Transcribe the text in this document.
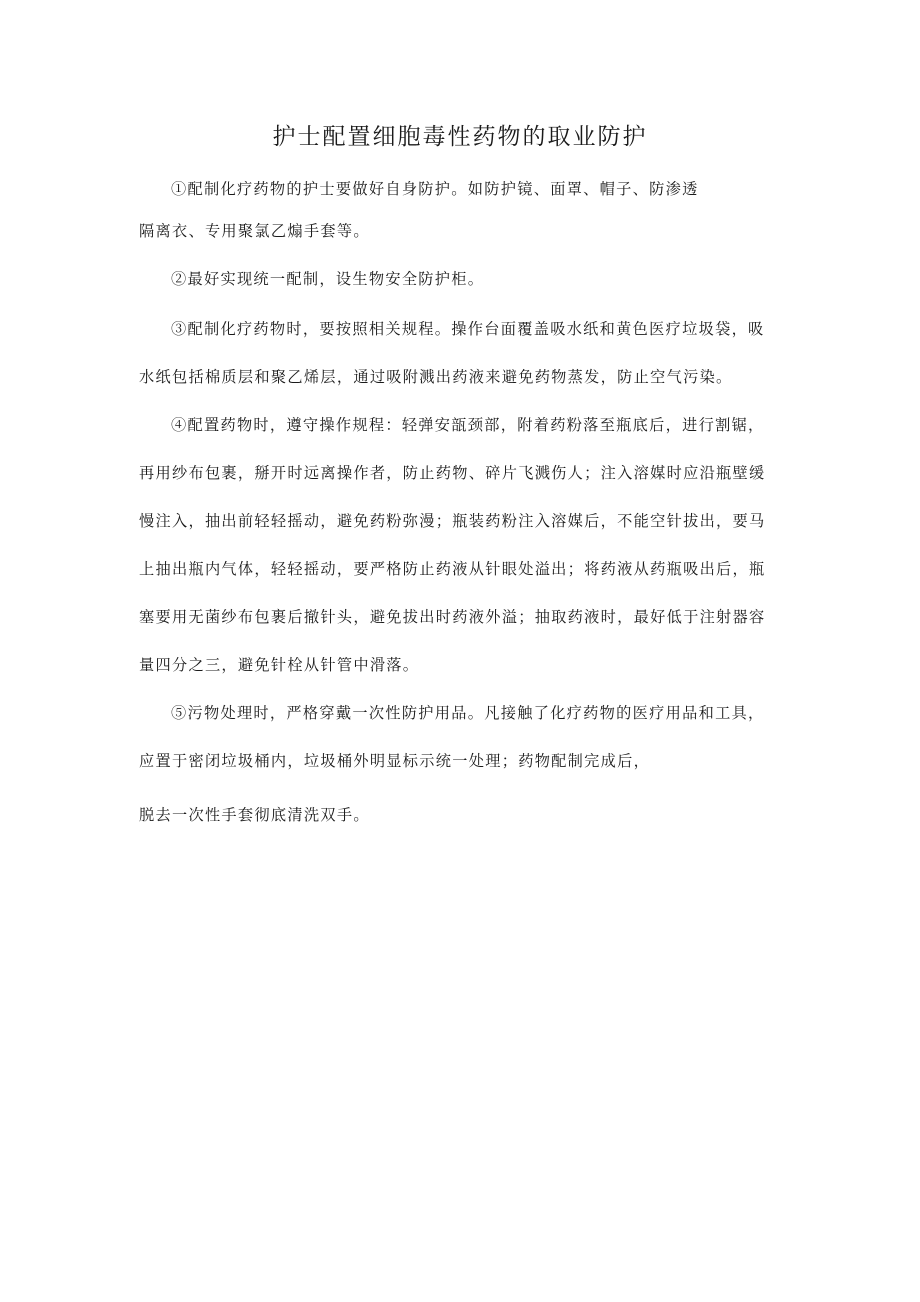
护士配置细胞毒性药物的取业防护
①配制化疗药物的护士要做好自身防护。如防护镜、面罩、帽子、防渗透
隔离衣、专用聚氯乙煽手套等。
②最好实现统一配制，设生物安全防护柜。
③配制化疗药物时，要按照相关规程。操作台面覆盖吸水纸和黄色医疗垃圾袋，吸
水纸包括棉质层和聚乙烯层，通过吸附溅出药液来避免药物蒸发，防止空气污染。
④配置药物时，遵守操作规程：轻弹安瓿颈部，附着药粉落至瓶底后，进行割锯，
再用纱布包裹，掰开时远离操作者，防止药物、碎片飞溅伤人；注入溶媒时应沿瓶壁缓
慢注入，抽出前轻轻摇动，避免药粉弥漫；瓶装药粉注入溶媒后，不能空针拔出，要马
上抽出瓶内气体，轻轻摇动，要严格防止药液从针眼处溢出；将药液从药瓶吸出后，瓶
塞要用无菌纱布包裹后撤针头，避免拔出时药液外溢；抽取药液时，最好低于注射器容
量四分之三，避免针栓从针管中滑落。
⑤污物处理时，严格穿戴一次性防护用品。凡接触了化疗药物的医疗用品和工具，
应置于密闭垃圾桶内，垃圾桶外明显标示统一处理；药物配制完成后，
脱去一次性手套彻底清洗双手。
